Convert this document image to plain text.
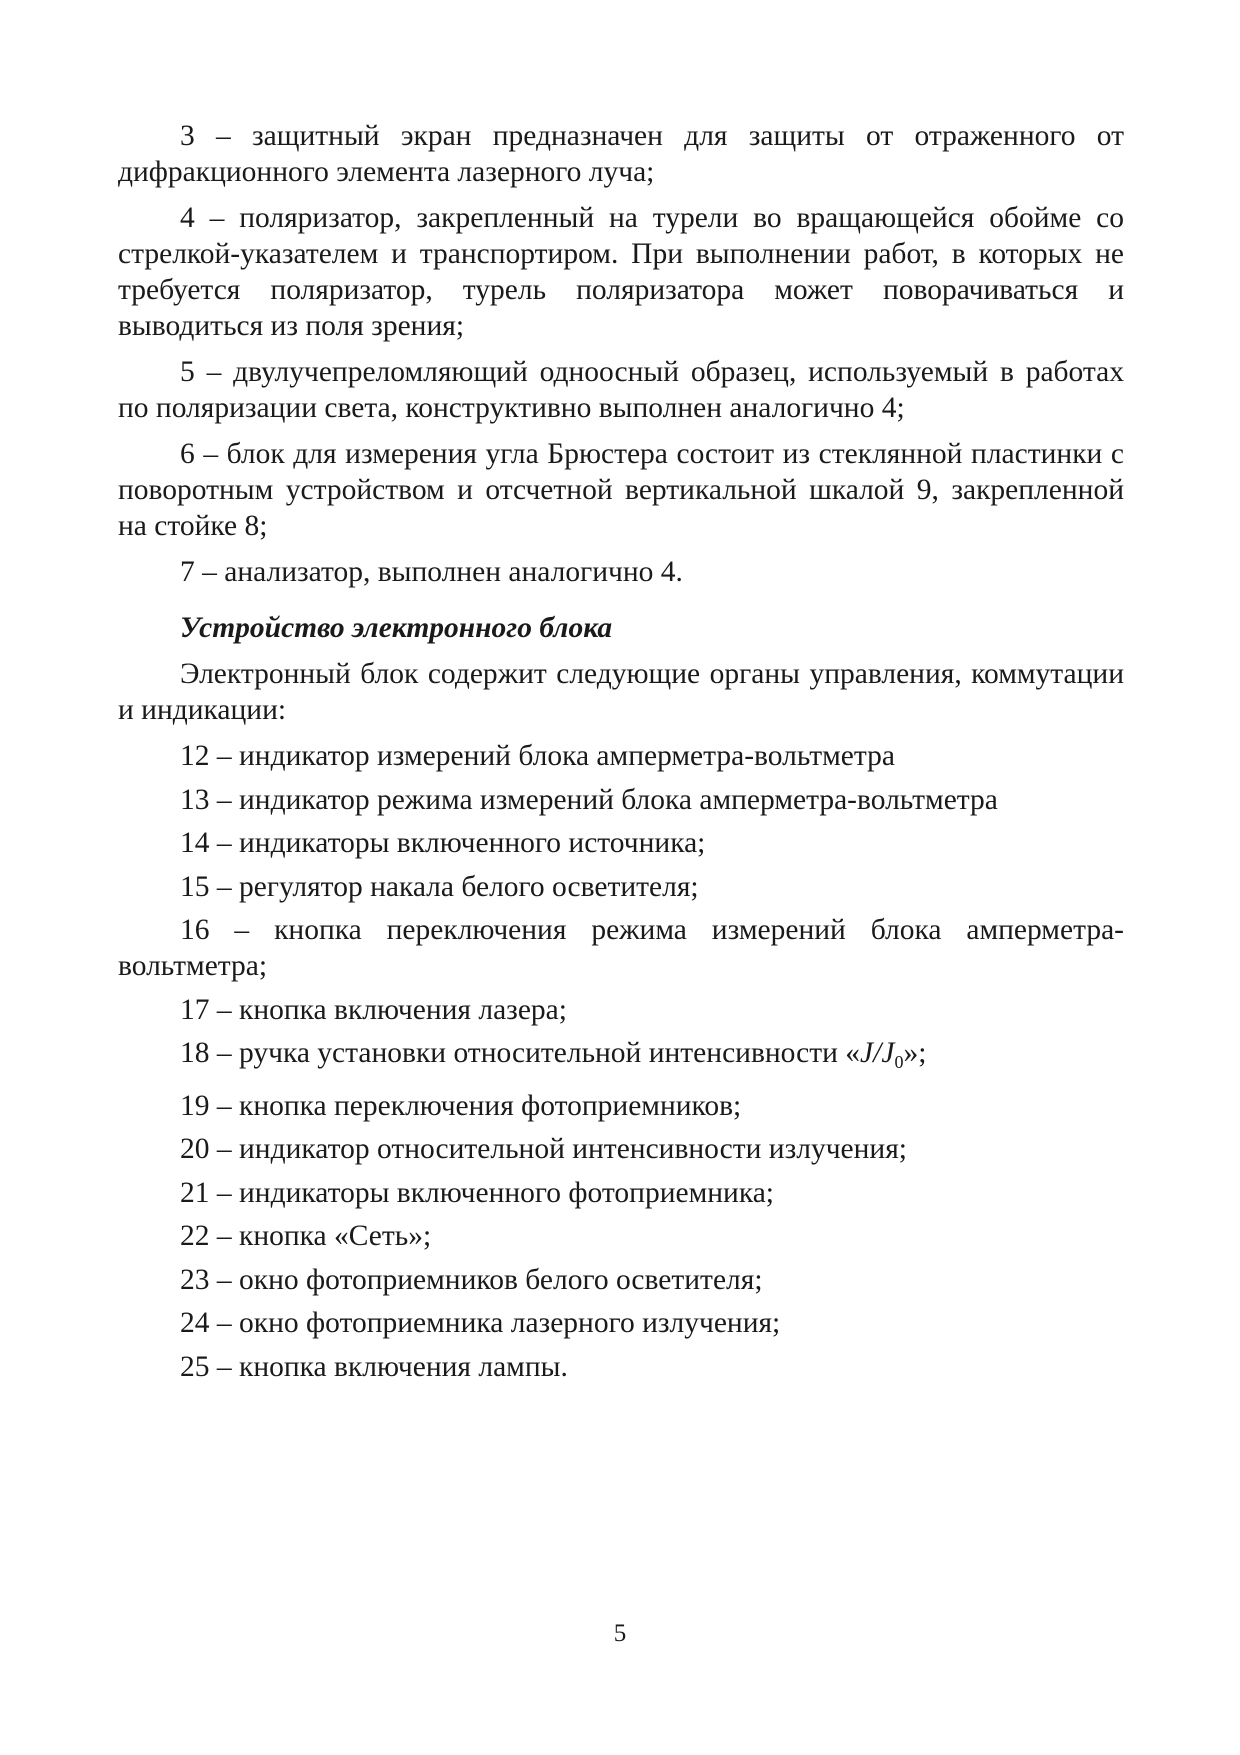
3 – защитный экран предназначен для защиты от отраженного от дифракционного элемента лазерного луча;

4 – поляризатор, закрепленный на турели во вращающейся обойме со стрелкой-указателем и транспортиром. При выполнении работ, в которых не требуется поляризатор, турель поляризатора может поворачиваться и выводиться из поля зрения;

5 – двулучепреломляющий одноосный образец, используемый в работах по поляризации света, конструктивно выполнен аналогично 4;

6 – блок для измерения угла Брюстера состоит из стеклянной пластинки с поворотным устройством и отсчетной вертикальной шкалой 9, закрепленной на стойке 8;

7 – анализатор, выполнен аналогично 4.

Устройство электронного блока

Электронный блок содержит следующие органы управления, коммутации и индикации:

12 – индикатор измерений блока амперметра-вольтметра
13 – индикатор режима измерений блока амперметра-вольтметра
14 – индикаторы включенного источника;
15 – регулятор накала белого осветителя;
16 – кнопка переключения режима измерений блока амперметра-вольтметра;
17 – кнопка включения лазера;
18 – ручка установки относительной интенсивности «$J/J_0$»;
19 – кнопка переключения фотоприемников;
20 – индикатор относительной интенсивности излучения;
21 – индикаторы включенного фотоприемника;
22 – кнопка «Сеть»;
23 – окно фотоприемников белого осветителя;
24 – окно фотоприемника лазерного излучения;
25 – кнопка включения лампы.
5
